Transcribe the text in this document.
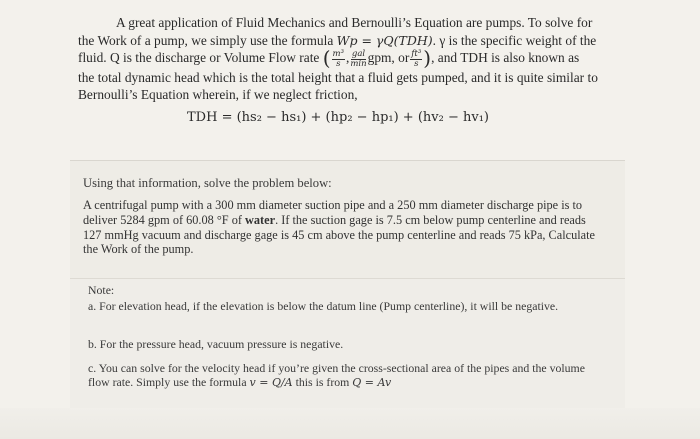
A great application of Fluid Mechanics and Bernoulli’s Equation are pumps. To solve for

the Work of a pump, we simply use the formula Wp = γQ(TDH). γ is the specific weight of the

fluid. Q is the discharge or Volume Flow rate ( $\frac{\text{m³}}{s}$ , $\frac{\text{gal}}{\min}$ gpm, or $\frac{\text{ft³}}{s}$ ), and TDH is also known as

the total dynamic head which is the total height that a fluid gets pumped, and it is quite similar to

Bernoulli’s Equation wherein, if we neglect friction,

TDH = (hs₂ − hs₁) + (hp₂ − hp₁) + (hv₂ − hv₁)
Using that information, solve the problem below:
A centrifugal pump with a 300 mm diameter suction pipe and a 250 mm diameter discharge pipe is to deliver 5284 gpm of 60.08 °F of water. If the suction gage is 7.5 cm below pump centerline and reads 127 mmHg vacuum and discharge gage is 45 cm above the pump centerline and reads 75 kPa, Calculate the Work of the pump.
Note:
a. For elevation head, if the elevation is below the datum line (Pump centerline), it will be negative.
b. For the pressure head, vacuum pressure is negative.
c. You can solve for the velocity head if you’re given the cross-sectional area of the pipes and the volume flow rate. Simply use the formula v = Q/A this is from Q = Av
